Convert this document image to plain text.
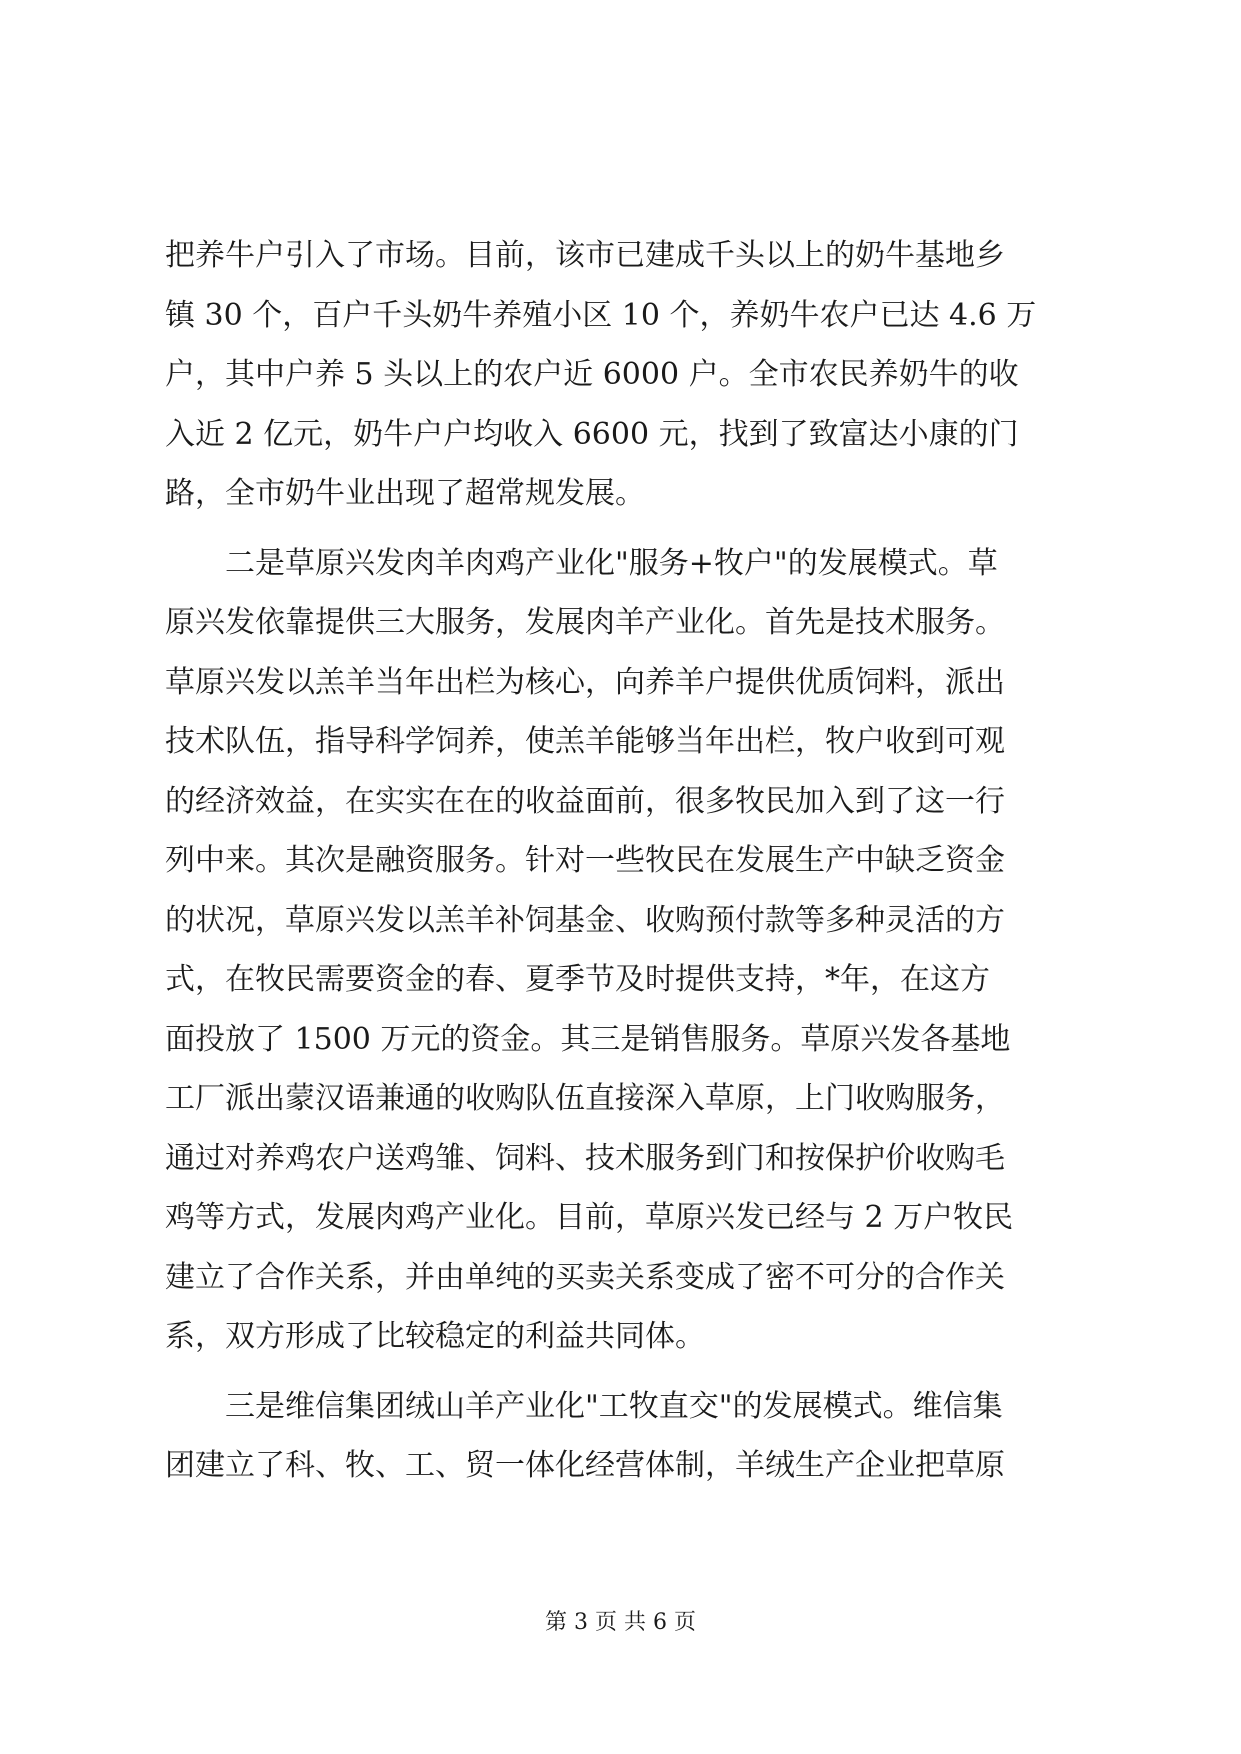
把养牛户引入了市场。目前，该市已建成千头以上的奶牛基地乡
镇 30 个，百户千头奶牛养殖小区 10 个，养奶牛农户已达 4.6 万
户，其中户养 5 头以上的农户近 6000 户。全市农民养奶牛的收
入近 2 亿元，奶牛户户均收入 6600 元，找到了致富达小康的门
路，全市奶牛业出现了超常规发展。
　　二是草原兴发肉羊肉鸡产业化"服务+牧户"的发展模式。草
原兴发依靠提供三大服务，发展肉羊产业化。首先是技术服务。
草原兴发以羔羊当年出栏为核心，向养羊户提供优质饲料，派出
技术队伍，指导科学饲养，使羔羊能够当年出栏，牧户收到可观
的经济效益，在实实在在的收益面前，很多牧民加入到了这一行
列中来。其次是融资服务。针对一些牧民在发展生产中缺乏资金
的状况，草原兴发以羔羊补饲基金、收购预付款等多种灵活的方
式，在牧民需要资金的春、夏季节及时提供支持，*年，在这方
面投放了 1500 万元的资金。其三是销售服务。草原兴发各基地
工厂派出蒙汉语兼通的收购队伍直接深入草原，上门收购服务，
通过对养鸡农户送鸡雏、饲料、技术服务到门和按保护价收购毛
鸡等方式，发展肉鸡产业化。目前，草原兴发已经与 2 万户牧民
建立了合作关系，并由单纯的买卖关系变成了密不可分的合作关
系，双方形成了比较稳定的利益共同体。
　　三是维信集团绒山羊产业化"工牧直交"的发展模式。维信集
团建立了科、牧、工、贸一体化经营体制，羊绒生产企业把草原
第 3 页 共 6 页
